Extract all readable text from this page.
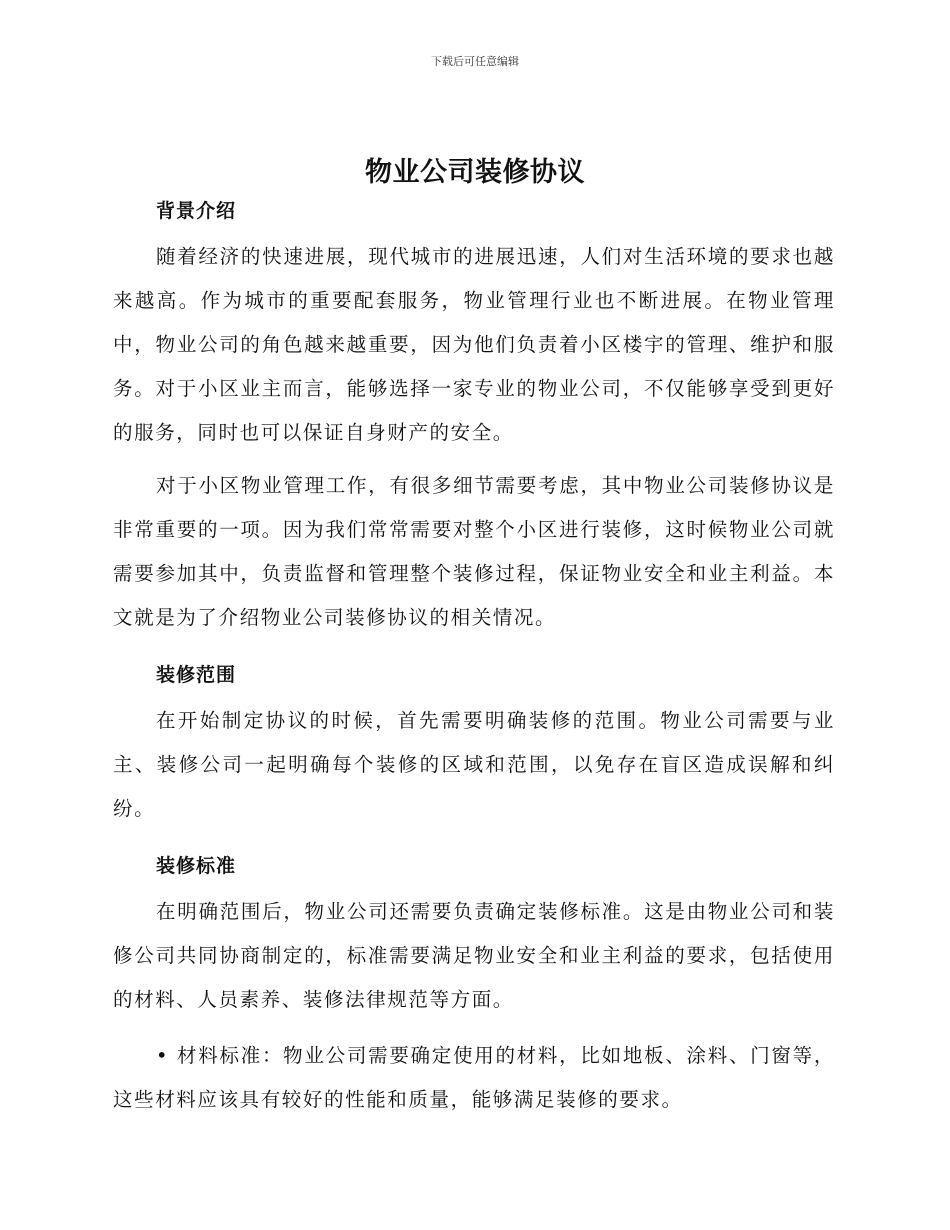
下载后可任意编辑
物业公司装修协议
背景介绍

随着经济的快速进展，现代城市的进展迅速，人们对生活环境的要求也越来越高。作为城市的重要配套服务，物业管理行业也不断进展。在物业管理中，物业公司的角色越来越重要，因为他们负责着小区楼宇的管理、维护和服务。对于小区业主而言，能够选择一家专业的物业公司，不仅能够享受到更好的服务，同时也可以保证自身财产的安全。

对于小区物业管理工作，有很多细节需要考虑，其中物业公司装修协议是非常重要的一项。因为我们常常需要对整个小区进行装修，这时候物业公司就需要参加其中，负责监督和管理整个装修过程，保证物业安全和业主利益。本文就是为了介绍物业公司装修协议的相关情况。

装修范围

在开始制定协议的时候，首先需要明确装修的范围。物业公司需要与业主、装修公司一起明确每个装修的区域和范围，以免存在盲区造成误解和纠纷。

装修标准

在明确范围后，物业公司还需要负责确定装修标准。这是由物业公司和装修公司共同协商制定的，标准需要满足物业安全和业主利益的要求，包括使用的材料、人员素养、装修法律规范等方面。

• 材料标准：物业公司需要确定使用的材料，比如地板、涂料、门窗等，这些材料应该具有较好的性能和质量，能够满足装修的要求。
